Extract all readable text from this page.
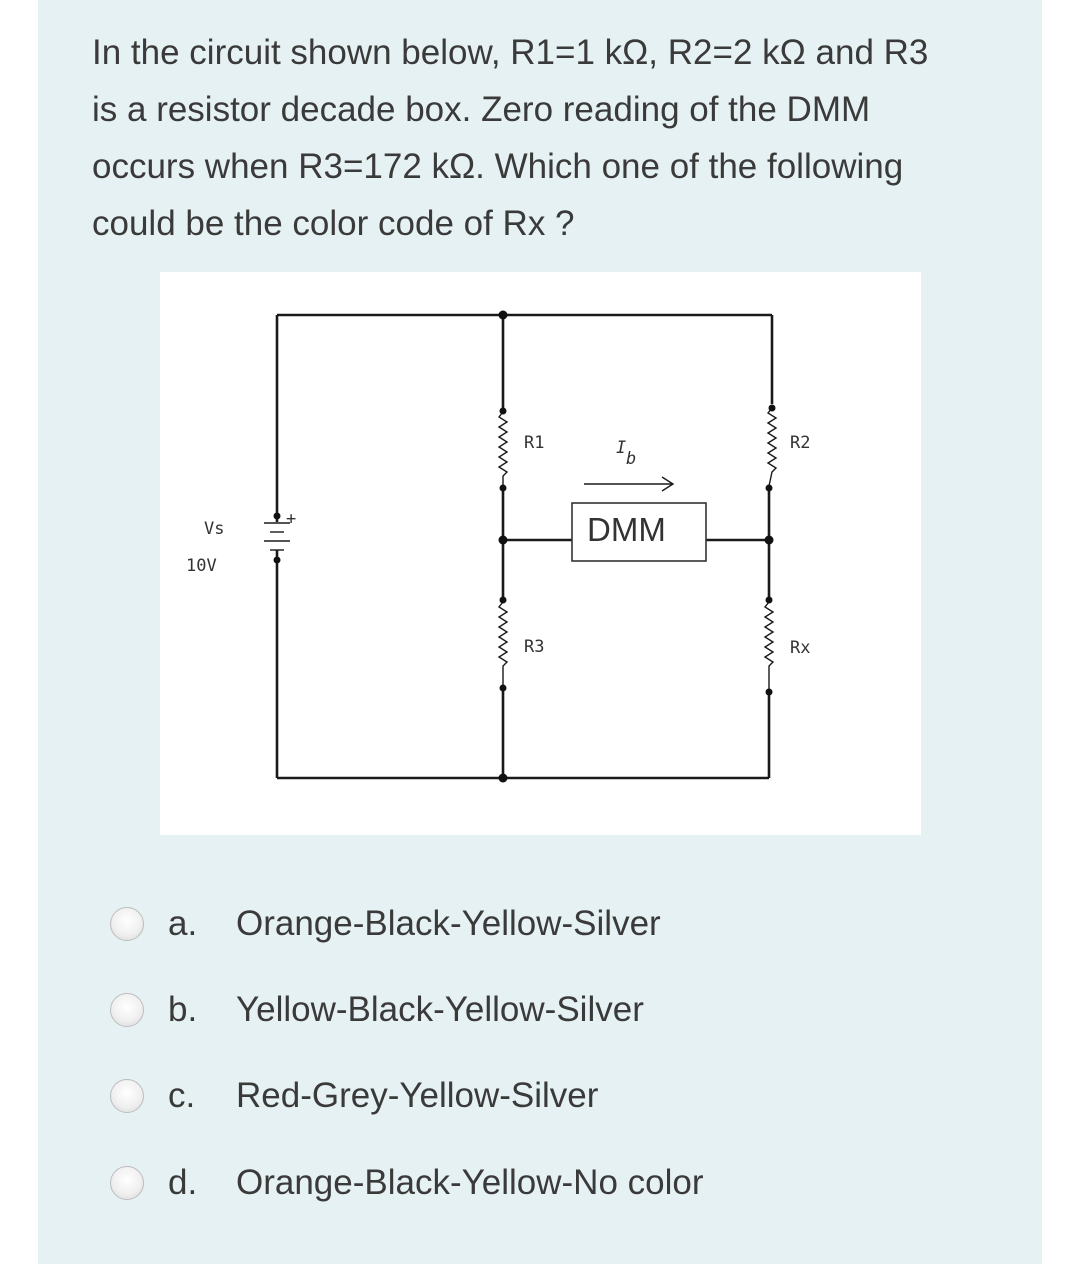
In the circuit shown below, R1=1 kΩ, R2=2 kΩ and R3
is a resistor decade box. Zero reading of the DMM
occurs when R3=172 kΩ. Which one of the following
could be the color code of Rx ?
DMM
I
b
R1
R3
R2
Rx
Vs
10V
+
a.	Orange-Black-Yellow-Silver
b.	Yellow-Black-Yellow-Silver
c.	Red-Grey-Yellow-Silver
d.	Orange-Black-Yellow-No color
